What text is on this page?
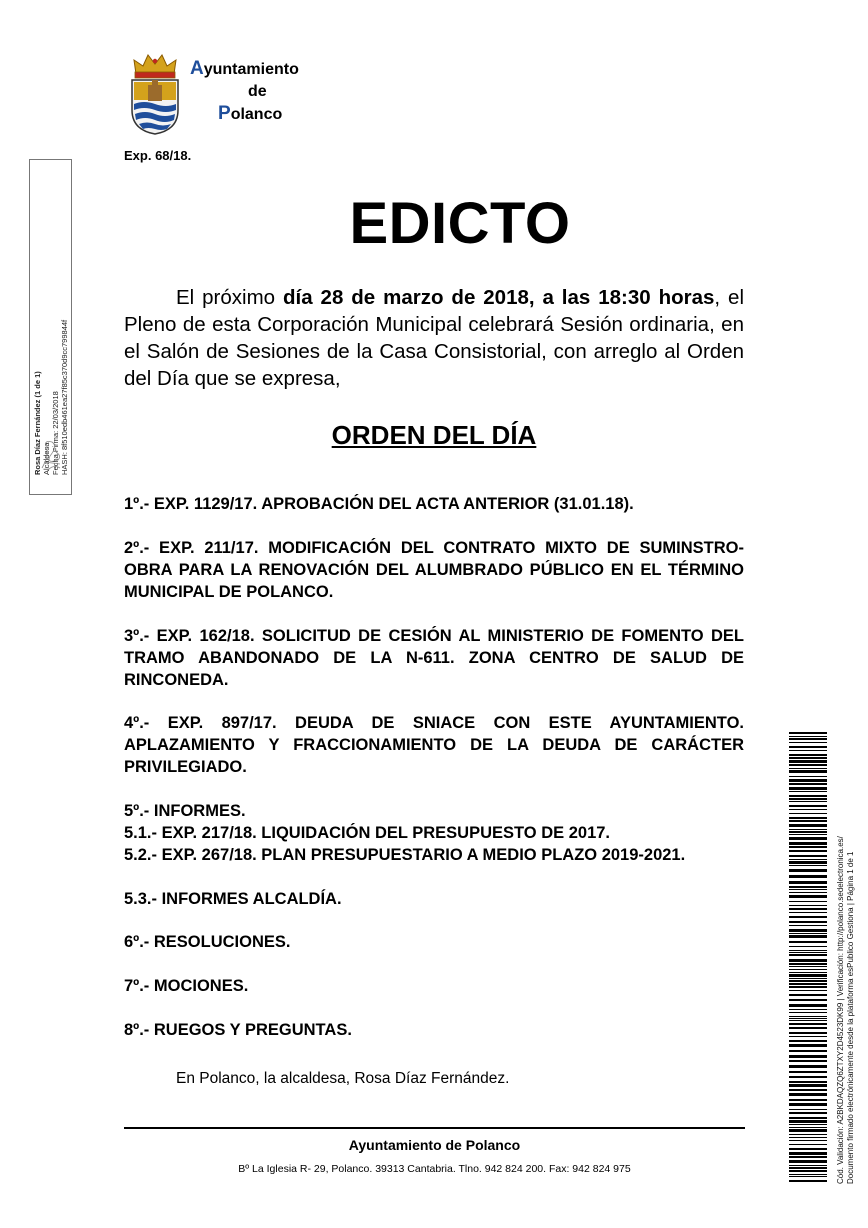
Ayuntamiento
de
Polanco
Exp. 68/18.
Rosa Díaz Fernández (1 de 1) Alcaldesa Fecha Firma: 22/03/2018 HASH: 8f510edb461ea27f85c370d9cc799844f
EDICTO
El próximo día 28 de marzo de 2018, a las 18:30 horas, el Pleno de esta Corporación Municipal celebrará Sesión ordinaria, en el Salón de Sesiones de la Casa Consistorial, con arreglo al Orden del Día que se expresa,
ORDEN DEL DÍA
1º.- EXP. 1129/17. APROBACIÓN DEL ACTA ANTERIOR (31.01.18).
2º.- EXP. 211/17. MODIFICACIÓN DEL CONTRATO MIXTO DE SUMINSTRO-OBRA PARA LA RENOVACIÓN DEL ALUMBRADO PÚBLICO EN EL TÉRMINO MUNICIPAL DE POLANCO.
3º.- EXP. 162/18. SOLICITUD DE CESIÓN AL MINISTERIO DE FOMENTO DEL TRAMO ABANDONADO DE LA N-611. ZONA CENTRO DE SALUD DE RINCONEDA.
4º.- EXP. 897/17. DEUDA DE SNIACE CON ESTE AYUNTAMIENTO. APLAZAMIENTO Y FRACCIONAMIENTO DE LA DEUDA DE CARÁCTER PRIVILEGIADO.
5º.- INFORMES.
5.1.- EXP. 217/18. LIQUIDACIÓN DEL PRESUPUESTO DE 2017.
5.2.- EXP. 267/18. PLAN PRESUPUESTARIO A MEDIO PLAZO 2019-2021.
5.3.- INFORMES ALCALDÍA.
6º.- RESOLUCIONES.
7º.- MOCIONES.
8º.- RUEGOS Y PREGUNTAS.
En Polanco, la alcaldesa, Rosa Díaz Fernández.
Ayuntamiento de Polanco
Bº La Iglesia R- 29, Polanco. 39313 Cantabria. Tlno. 942 824 200. Fax: 942 824 975	Cód. Validación: A2BKDAQZQ6ZTXY2D4523DK99 | Verificación: http://polanco.sedelectronica.es/ Documento firmado electrónicamente desde la plataforma esPublico Gestiona | Página 1 de 1
